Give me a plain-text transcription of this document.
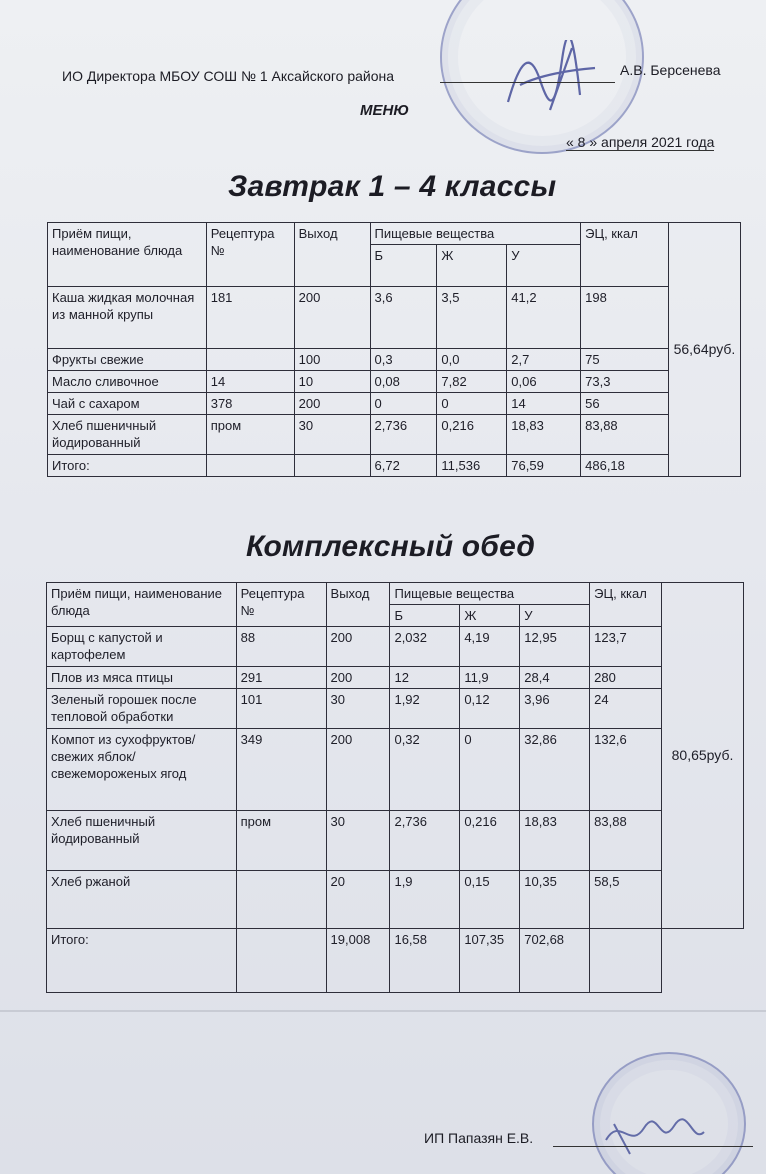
ИО Директора МБОУ СОШ № 1 Аксайского района	А.В. Берсенева
МЕНЮ
« 8 » апреля 2021 года
Завтрак 1 – 4 классы
Приём пищи, наименование блюда	Рецептура №	Выход	Пищевые вещества			ЭЦ, ккал	56,64руб.
			Б	Ж	У		
Каша жидкая молочная из манной крупы	181	200	3,6	3,5	41,2	198	
Фрукты свежие		100	0,3	0,0	2,7	75	
Масло сливочное	14	10	0,08	7,82	0,06	73,3	
Чай с сахаром	378	200	0	0	14	56	
Хлеб пшеничный йодированный	пром	30	2,736	0,216	18,83	83,88	
Итого:			6,72	11,536	76,59	486,18	
Комплексный обед
Приём пищи, наименование блюда	Рецептура №	Выход	Пищевые вещества			ЭЦ, ккал	80,65руб.
			Б	Ж	У		
Борщ с капустой и картофелем	88	200	2,032	4,19	12,95	123,7	
Плов из мяса птицы	291	200	12	11,9	28,4	280	
Зеленый горошек после тепловой обработки	101	30	1,92	0,12	3,96	24	
Компот из сухофруктов/свежих яблок/свежемороженых ягод	349	200	0,32	0	32,86	132,6	
Хлеб пшеничный йодированный	пром	30	2,736	0,216	18,83	83,88	
Хлеб ржаной		20	1,9	0,15	10,35	58,5	
Итого:		19,008	16,58	107,35	702,68		
ИП Папазян Е.В.
